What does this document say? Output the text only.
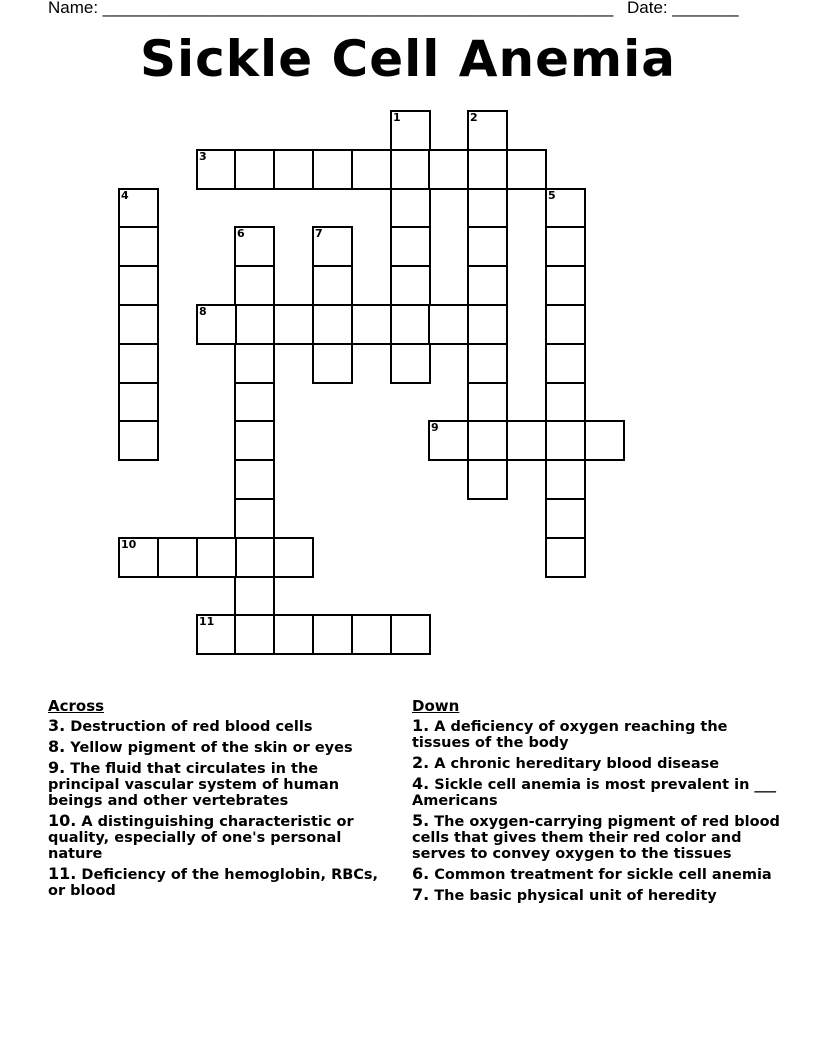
Name: ______________________________________________________ Date: _______
Sickle Cell Anemia
1	2
3
4	5
6	7
8
9
10
11
Across
3. Destruction of red blood cells
8. Yellow pigment of the skin or eyes
9. The fluid that circulates in the principal vascular system of human beings and other vertebrates
10. A distinguishing characteristic or quality, especially of one's personal nature
11. Deficiency of the hemoglobin, RBCs, or blood
Down
1. A deficiency of oxygen reaching the tissues of the body
2. A chronic hereditary blood disease
4. Sickle cell anemia is most prevalent in ___ Americans
5. The oxygen-carrying pigment of red blood cells that gives them their red color and serves to convey oxygen to the tissues
6. Common treatment for sickle cell anemia
7. The basic physical unit of heredity
